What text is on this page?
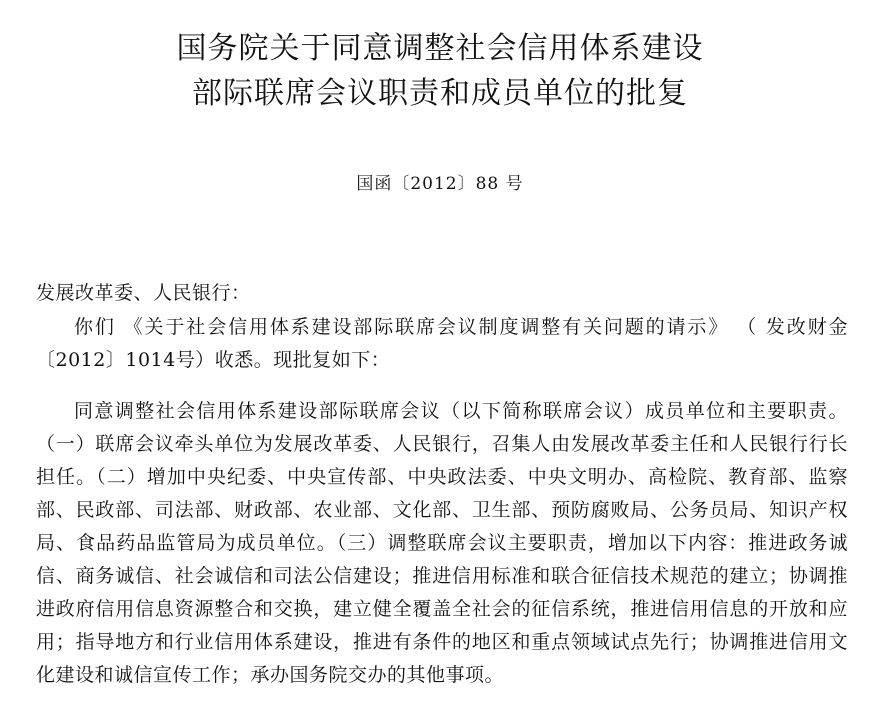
国务院关于同意调整社会信用体系建设
部际联席会议职责和成员单位的批复
国函〔2012〕88 号
发展改革委、人民银行：
你们 《关于社会信用体系建设部际联席会议制度调整有关问题的请示》 （ 发改财金〔2012〕1014号）收悉。现批复如下：
同意调整社会信用体系建设部际联席会议（以下简称联席会议）成员单位和主要职责。（一）联席会议牵头单位为发展改革委、人民银行，召集人由发展改革委主任和人民银行行长担任。（二）增加中央纪委、中央宣传部、中央政法委、中央文明办、高检院、教育部、监察部、民政部、司法部、财政部、农业部、文化部、卫生部、预防腐败局、公务员局、知识产权局、食品药品监管局为成员单位。（三）调整联席会议主要职责，增加以下内容：推进政务诚信、商务诚信、社会诚信和司法公信建设；推进信用标准和联合征信技术规范的建立；协调推进政府信用信息资源整合和交换，建立健全覆盖全社会的征信系统，推进信用信息的开放和应用；指导地方和行业信用体系建设，推进有条件的地区和重点领域试点先行；协调推进信用文化建设和诚信宣传工作；承办国务院交办的其他事项。
